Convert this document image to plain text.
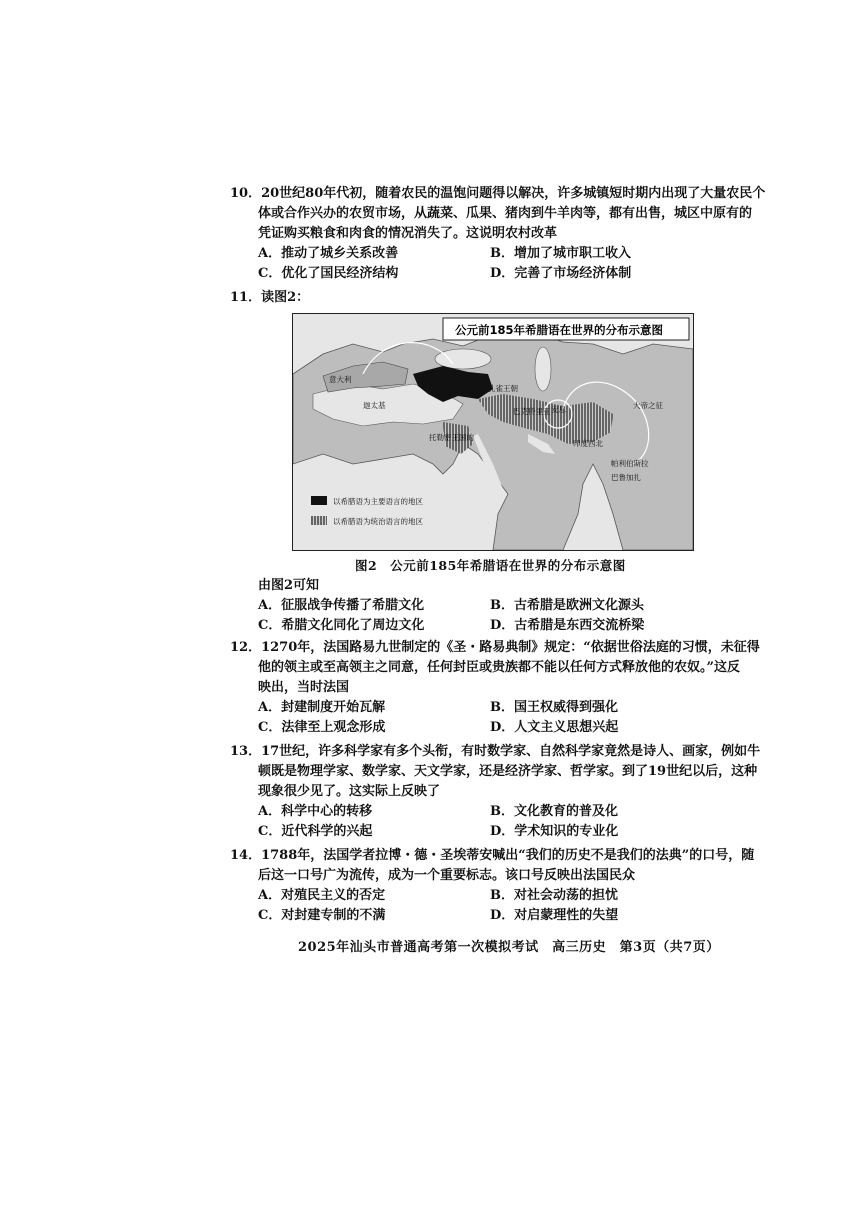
10．20世纪80年代初，随着农民的温饱问题得以解决，许多城镇短时期内出现了大量农民个
体或合作兴办的农贸市场，从蔬菜、瓜果、猪肉到牛羊肉等，都有出售，城区中原有的
凭证购买粮食和肉食的情况消失了。这说明农村改革
A．推动了城乡关系改善	B．增加了城市职工收入
C．优化了国民经济结构	D．完善了市场经济体制
11．读图2：
意大利
迦太基
孔雀王朝
安息
巴克特里亚
托勒密王国的
印度西北
大帝之征
帕利伯斯拉
巴鲁加扎
公元前185年希腊语在世界的分布示意图
以希腊语为主要语言的地区
以希腊语为统治语言的地区
图2　公元前185年希腊语在世界的分布示意图
由图2可知
A．征服战争传播了希腊文化	B．古希腊是欧洲文化源头
C．希腊文化同化了周边文化	D．古希腊是东西交流桥梁
12．1270年，法国路易九世制定的《圣・路易典制》规定：“依据世俗法庭的习惯，未征得
他的领主或至高领主之同意，任何封臣或贵族都不能以任何方式释放他的农奴。”这反
映出，当时法国
A．封建制度开始瓦解	B．国王权威得到强化
C．法律至上观念形成	D．人文主义思想兴起
13．17世纪，许多科学家有多个头衔，有时数学家、自然科学家竟然是诗人、画家，例如牛
顿既是物理学家、数学家、天文学家，还是经济学家、哲学家。到了19世纪以后，这种
现象很少见了。这实际上反映了
A．科学中心的转移	B．文化教育的普及化
C．近代科学的兴起	D．学术知识的专业化
14．1788年，法国学者拉博・德・圣埃蒂安喊出“我们的历史不是我们的法典”的口号，随
后这一口号广为流传，成为一个重要标志。该口号反映出法国民众
A．对殖民主义的否定	B．对社会动荡的担忧
C．对封建专制的不满	D．对启蒙理性的失望
2025年汕头市普通高考第一次模拟考试　高三历史　第3页（共7页）
